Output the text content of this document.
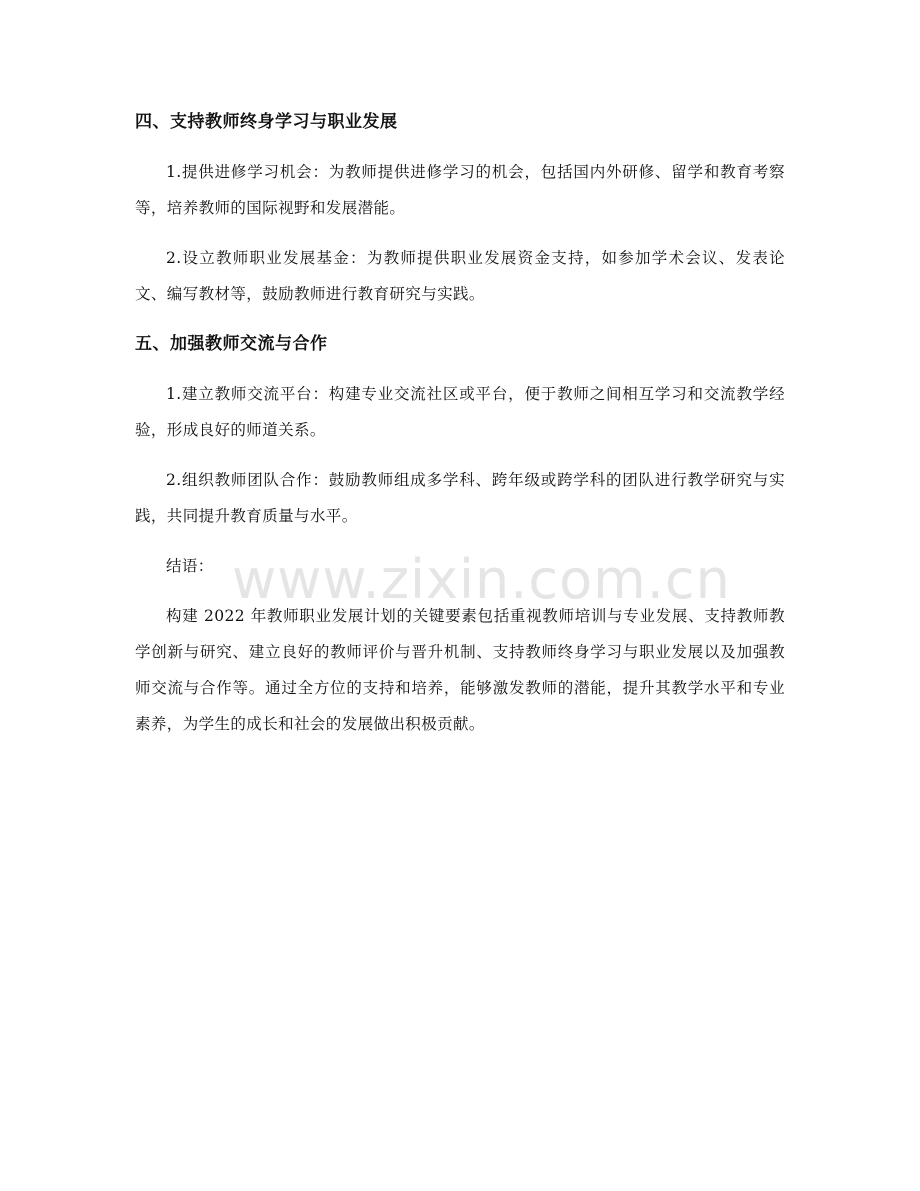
四、支持教师终身学习与职业发展

1.提供进修学习机会：为教师提供进修学习的机会，包括国内外研修、留学和教育考察等，培养教师的国际视野和发展潜能。

2.设立教师职业发展基金：为教师提供职业发展资金支持，如参加学术会议、发表论文、编写教材等，鼓励教师进行教育研究与实践。

五、加强教师交流与合作

1.建立教师交流平台：构建专业交流社区或平台，便于教师之间相互学习和交流教学经验，形成良好的师道关系。

2.组织教师团队合作：鼓励教师组成多学科、跨年级或跨学科的团队进行教学研究与实践，共同提升教育质量与水平。

结语：

构建 2022 年教师职业发展计划的关键要素包括重视教师培训与专业发展、支持教师教学创新与研究、建立良好的教师评价与晋升机制、支持教师终身学习与职业发展以及加强教师交流与合作等。通过全方位的支持和培养，能够激发教师的潜能，提升其教学水平和专业素养，为学生的成长和社会的发展做出积极贡献。

www.zixin.com.cn
